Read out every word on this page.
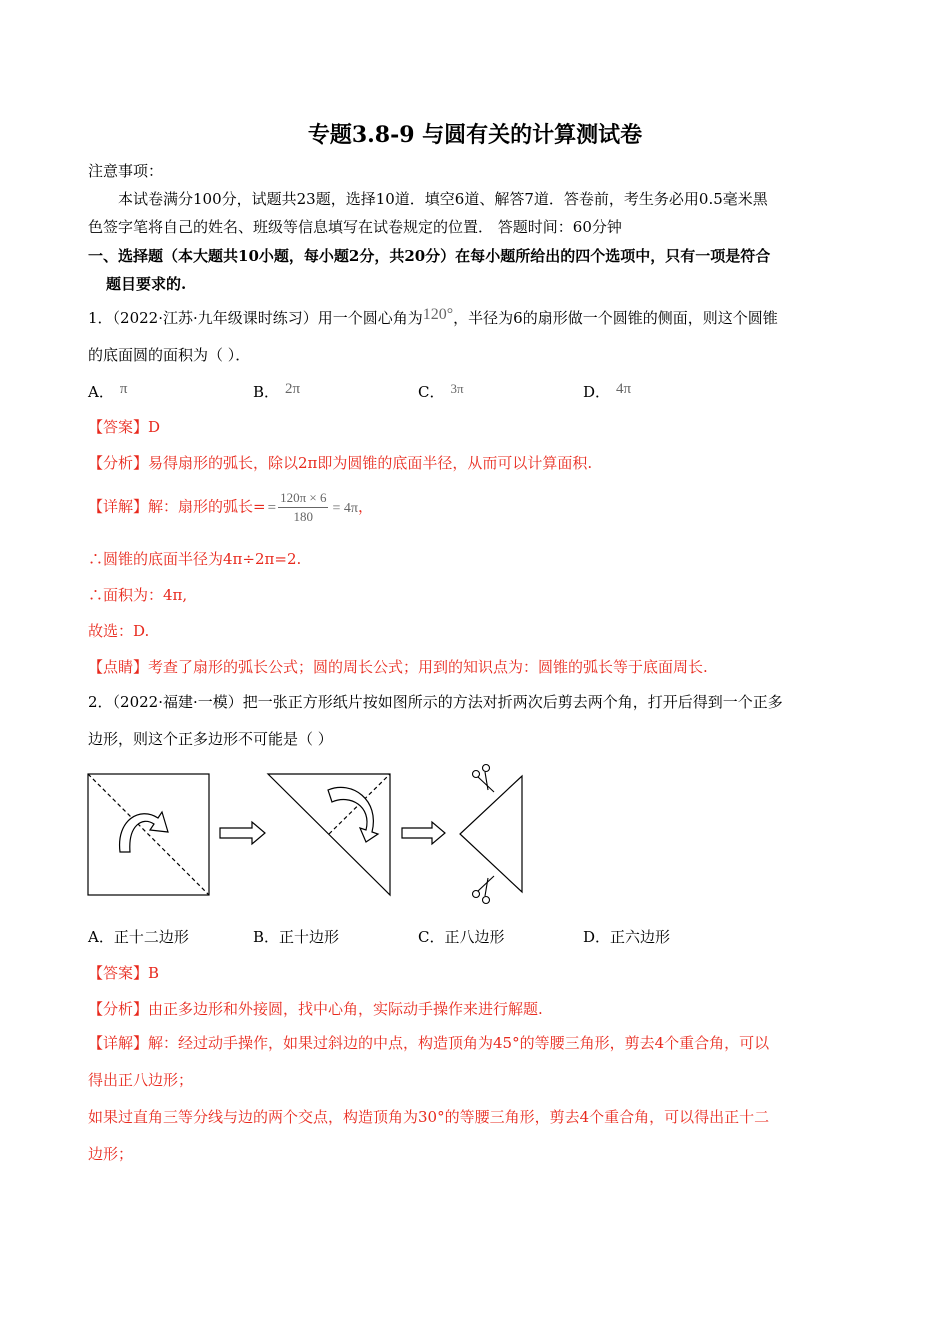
专题3.8-9 与圆有关的计算测试卷
注意事项：
本试卷满分100分，试题共23题，选择10道．填空6道、解答7道．答卷前，考生务必用0.5毫米黑
色签字笔将自己的姓名、班级等信息填写在试卷规定的位置． 答题时间：60分钟
一、选择题（本大题共10小题，每小题2分，共20分）在每小题所给出的四个选项中，只有一项是符合
题目要求的.
1．（2022·江苏·九年级课时练习）用一个圆心角为120°，半径为6的扇形做一个圆锥的侧面，则这个圆锥
的底面圆的面积为（ ）．
A． π	B． 2π	C． 3π	D． 4π
【答案】D
【分析】易得扇形的弧长，除以2π即为圆锥的底面半径，从而可以计算面积.
【详解】解：扇形的弧长= = $\frac{120\pi \times 6}{180} = 4\pi$，
∴圆锥的底面半径为4π÷2π=2.
∴面积为：4π,
故选：D.
【点睛】考查了扇形的弧长公式；圆的周长公式；用到的知识点为：圆锥的弧长等于底面周长.
2．（2022·福建·一模）把一张正方形纸片按如图所示的方法对折两次后剪去两个角，打开后得到一个正多
边形，则这个正多边形不可能是（ ）
A．正十二边形	B．正十边形	C．正八边形	D．正六边形
【答案】B
【分析】由正多边形和外接圆，找中心角，实际动手操作来进行解题.
【详解】解：经过动手操作，如果过斜边的中点，构造顶角为45°的等腰三角形，剪去4个重合角，可以
得出正八边形；
如果过直角三等分线与边的两个交点，构造顶角为30°的等腰三角形，剪去4个重合角，可以得出正十二
边形；
